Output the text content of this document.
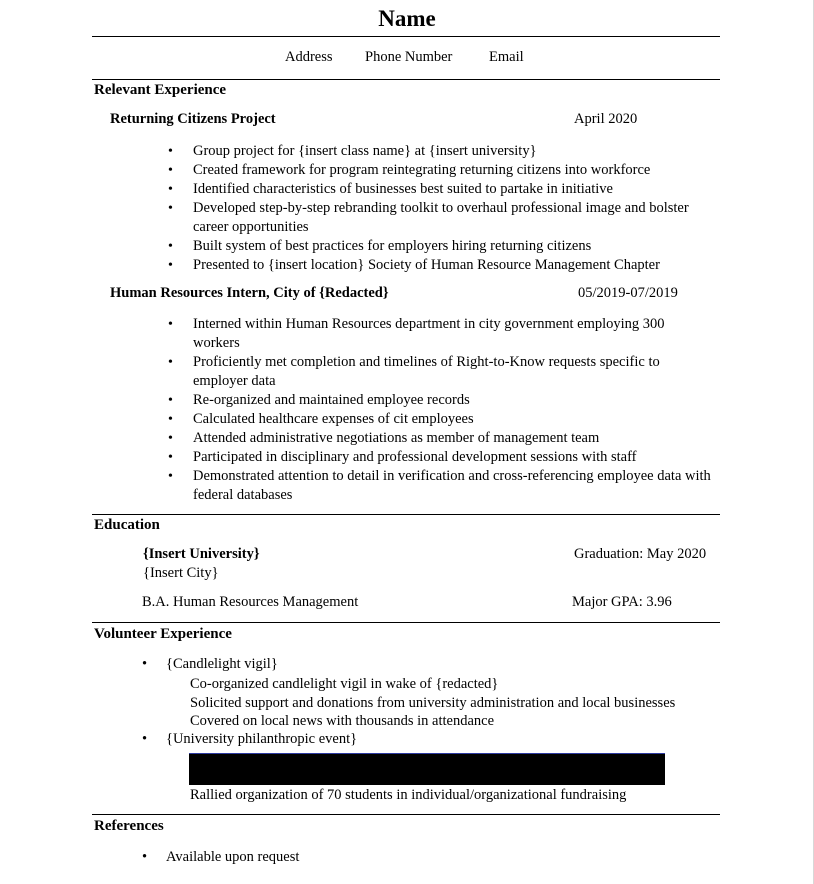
Name
Address Phone Number	Email
Relevant Experience
Returning Citizens Project	April 2020
• Group project for {insert class name} at {insert university}
• Created framework for program reintegrating returning citizens into workforce
• Identified characteristics of businesses best suited to partake in initiative
• Developed step-by-step rebranding toolkit to overhaul professional image and bolster career opportunities
• Built system of best practices for employers hiring returning citizens
• Presented to {insert location} Society of Human Resource Management Chapter
Human Resources Intern, City of {Redacted}	05/2019-07/2019
• Interned within Human Resources department in city government employing 300 workers
• Proficiently met completion and timelines of Right-to-Know requests specific to employer data
• Re-organized and maintained employee records
• Calculated healthcare expenses of cit employees
• Attended administrative negotiations as member of management team
• Participated in disciplinary and professional development sessions with staff
• Demonstrated attention to detail in verification and cross-referencing employee data with federal databases
Education
{Insert University}	Graduation: May 2020
{Insert City}
B.A. Human Resources Management	Major GPA: 3.96
Volunteer Experience
• {Candlelight vigil}
Co-organized candlelight vigil in wake of {redacted}
Solicited support and donations from university administration and local businesses
Covered on local news with thousands in attendance
• {University philanthropic event}
Rallied organization of 70 students in individual/organizational fundraising
References
• Available upon request
